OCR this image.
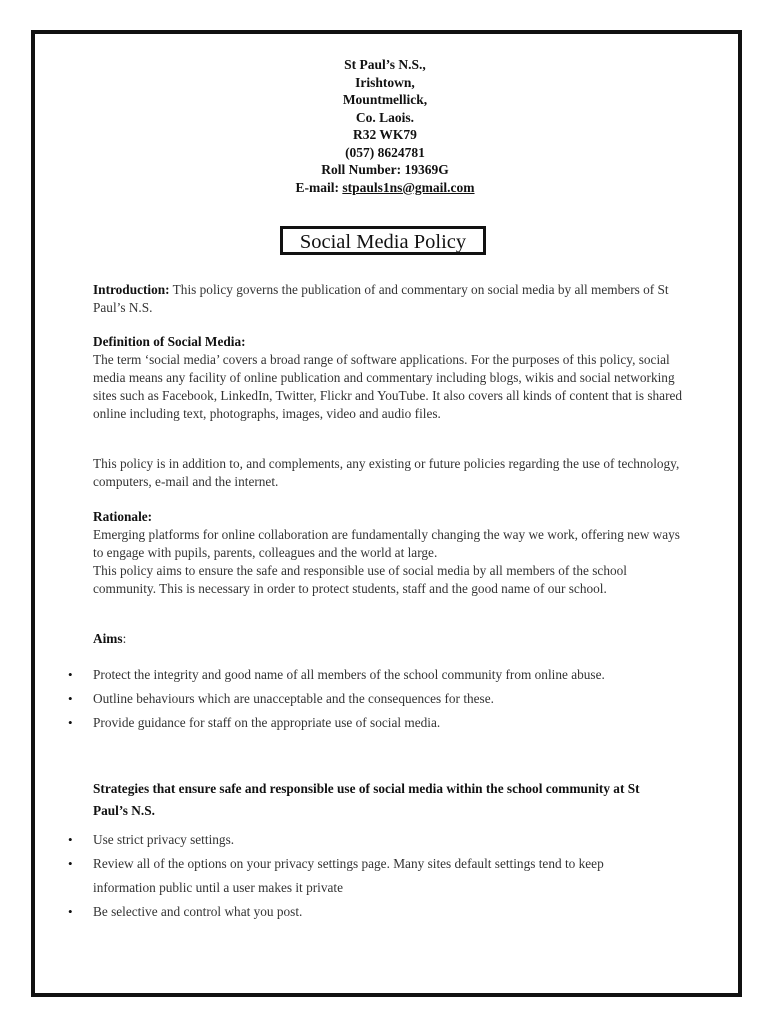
St Paul’s N.S.,
Irishtown,
Mountmellick,
Co. Laois.
R32 WK79
(057) 8624781
Roll Number: 19369G
E-mail: stpauls1ns@gmail.com
Social Media Policy
Introduction: This policy governs the publication of and commentary on social media by all members of St Paul’s N.S.
Definition of Social Media:
The term ‘social media’ covers a broad range of software applications. For the purposes of this policy, social media means any facility of online publication and commentary including blogs, wikis and social networking sites such as Facebook, LinkedIn, Twitter, Flickr and YouTube. It also covers all kinds of content that is shared online including text, photographs, images, video and audio files.
This policy is in addition to, and complements, any existing or future policies regarding the use of technology, computers, e-mail and the internet.
Rationale:
Emerging platforms for online collaboration are fundamentally changing the way we work, offering new ways to engage with pupils, parents, colleagues and the world at large.
This policy aims to ensure the safe and responsible use of social media by all members of the school community. This is necessary in order to protect students, staff and the good name of our school.
Aims:
• Protect the integrity and good name of all members of the school community from online abuse.
• Outline behaviours which are unacceptable and the consequences for these.
• Provide guidance for staff on the appropriate use of social media.
Strategies that ensure safe and responsible use of social media within the school community at St Paul’s N.S.
• Use strict privacy settings.
• Review all of the options on your privacy settings page. Many sites default settings tend to keep information public until a user makes it private
• Be selective and control what you post.
